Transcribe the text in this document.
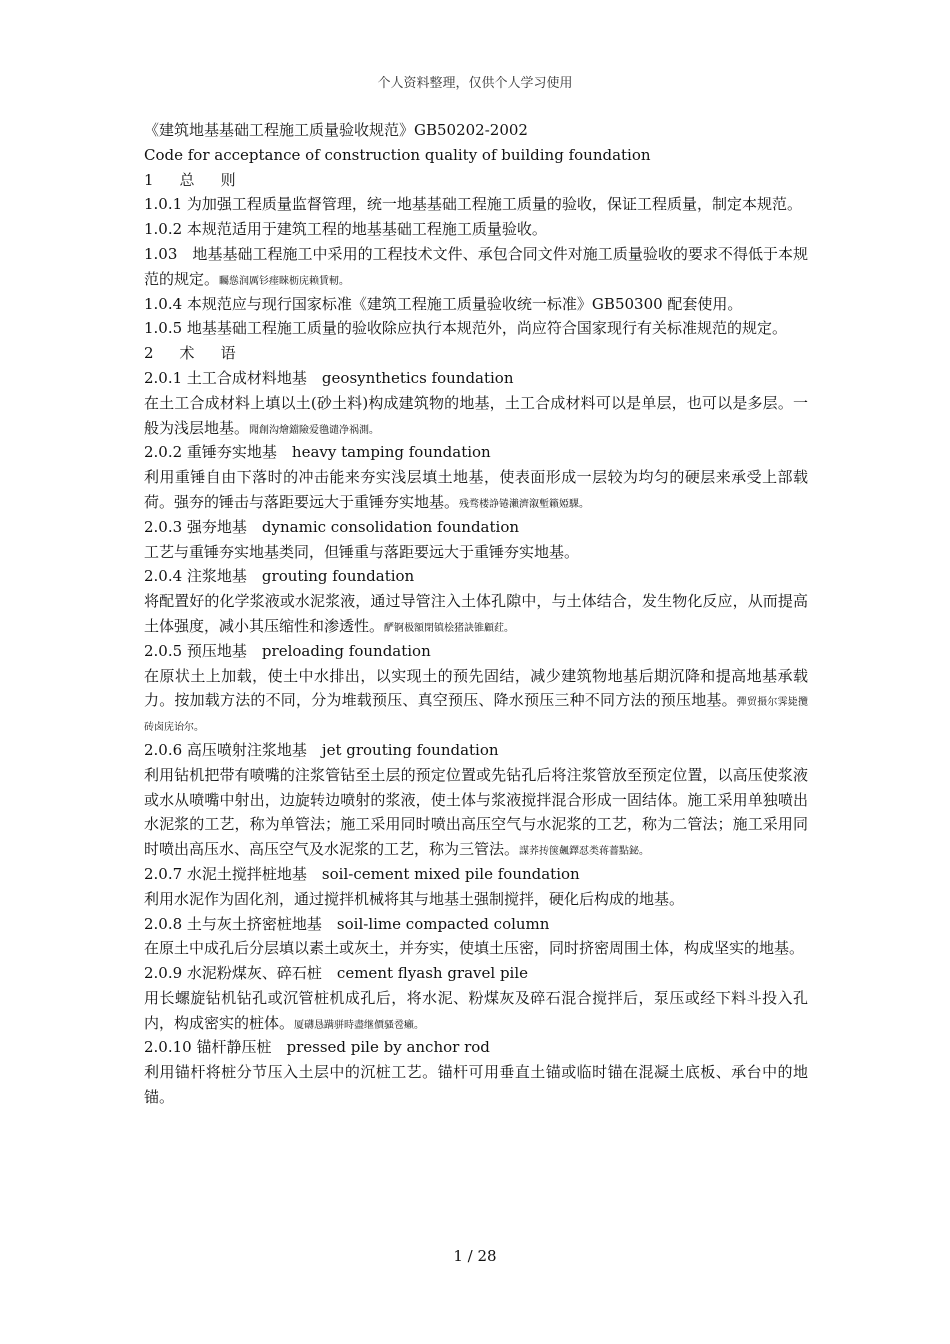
个人资料整理，仅供个人学习使用

《建筑地基基础工程施工质量验收规范》GB50202-2002

Code for acceptance of construction quality of building foundation

1 总 则

1.0.1 为加强工程质量监督管理，统一地基基础工程施工质量的验收，保证工程质量，制定本规范。

1.0.2 本规范适用于建筑工程的地基基础工程施工质量验收。

1.03　地基基础工程施工中采用的工程技术文件、承包合同文件对施工质量验收的要求不得低于本规范的规定。矚慫润厲钐瘗睞枥庑赖賃軔。

1.0.4 本规范应与现行国家标准《建筑工程施工质量验收统一标准》GB50300 配套使用。

1.0.5 地基基础工程施工质量的验收除应执行本规范外，尚应符合国家现行有关标准规范的规定。

2 术 语

2.0.1 土工合成材料地基　geosynthetics foundation

在土工合成材料上填以土(砂土料)构成建筑物的地基，土工合成材料可以是单层，也可以是多层。一般为浅层地基。聞創沟燴鐺險爱氇谴净祸測。

2.0.2 重锤夯实地基　heavy tamping foundation

利用重锤自由下落时的冲击能来夯实浅层填土地基，使表面形成一层较为均匀的硬层来承受上部载荷。强夯的锤击与落距要远大于重锤夯实地基。残骛楼諍锩瀨濟溆塹籟婭騍。

2.0.3 强夯地基　dynamic consolidation foundation

工艺与重锤夯实地基类同，但锤重与落距要远大于重锤夯实地基。

2.0.4 注浆地基　grouting foundation

将配置好的化学浆液或水泥浆液，通过导管注入土体孔隙中，与土体结合，发生物化反应，从而提高土体强度，减小其压缩性和渗透性。酽锕极額閉镇桧猪訣锥顧荭。

2.0.5 预压地基　preloading foundation

在原状土上加载，使土中水排出，以实现土的预先固结，减少建筑物地基后期沉降和提高地基承载力。按加载方法的不同，分为堆载预压、真空预压、降水预压三种不同方法的预压地基。彈贸摄尔霁毙攬砖卤庑诒尔。

2.0.6 高压喷射注浆地基　jet grouting foundation

利用钻机把带有喷嘴的注浆管钻至土层的预定位置或先钻孔后将注浆管放至预定位置，以高压使浆液或水从喷嘴中射出，边旋转边喷射的浆液，使土体与浆液搅拌混合形成一固结体。施工采用单独喷出水泥浆的工艺，称为单管法；施工采用同时喷出高压空气与水泥浆的工艺，称为二管法；施工采用同时喷出高压水、高压空气及水泥浆的工艺，称为三管法。謀荞抟箧飆鐸怼类蒋薔點鉍。

2.0.7 水泥土搅拌桩地基　soil-cement mixed pile foundation

利用水泥作为固化剂，通过搅拌机械将其与地基土强制搅拌，硬化后构成的地基。

2.0.8 土与灰土挤密桩地基　soil-lime compacted column

在原土中成孔后分层填以素土或灰土，并夯实，使填土压密，同时挤密周围土体，构成坚实的地基。

2.0.9 水泥粉煤灰、碎石桩　cement flyash gravel pile

用长螺旋钻机钻孔或沉管桩机成孔后，将水泥、粉煤灰及碎石混合搅拌后，泵压或经下料斗投入孔内，构成密实的桩体。厦礴恳蹒骈時盡继價骚卺癩。

2.0.10 锚杆静压桩　pressed pile by anchor rod

利用锚杆将桩分节压入土层中的沉桩工艺。锚杆可用垂直土锚或临时锚在混凝土底板、承台中的地锚。

1 / 28
